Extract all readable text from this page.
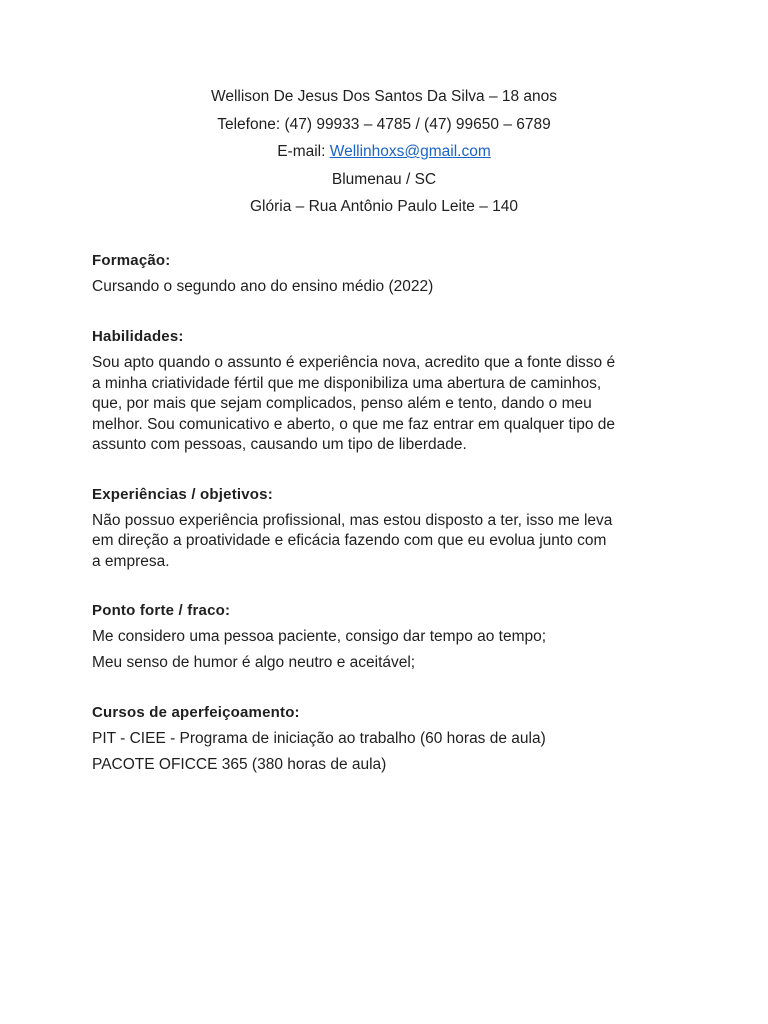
Wellison De Jesus Dos Santos Da Silva – 18 anos
Telefone: (47) 99933 – 4785 / (47) 99650 – 6789
E-mail: Wellinhoxs@gmail.com
Blumenau / SC
Glória – Rua Antônio Paulo Leite – 140

Formação:

Cursando o segundo ano do ensino médio (2022)

Habilidades:

Sou apto quando o assunto é experiência nova, acredito que a fonte disso é
a minha criatividade fértil que me disponibiliza uma abertura de caminhos,
que, por mais que sejam complicados, penso além e tento, dando o meu
melhor. Sou comunicativo e aberto, o que me faz entrar em qualquer tipo de
assunto com pessoas, causando um tipo de liberdade.

Experiências / objetivos:

Não possuo experiência profissional, mas estou disposto a ter, isso me leva
em direção a proatividade e eficácia fazendo com que eu evolua junto com
a empresa.

Ponto forte / fraco:

Me considero uma pessoa paciente, consigo dar tempo ao tempo;

Meu senso de humor é algo neutro e aceitável;

Cursos de aperfeiçoamento:

PIT - CIEE - Programa de iniciação ao trabalho (60 horas de aula)

PACOTE OFICCE 365 (380 horas de aula)
